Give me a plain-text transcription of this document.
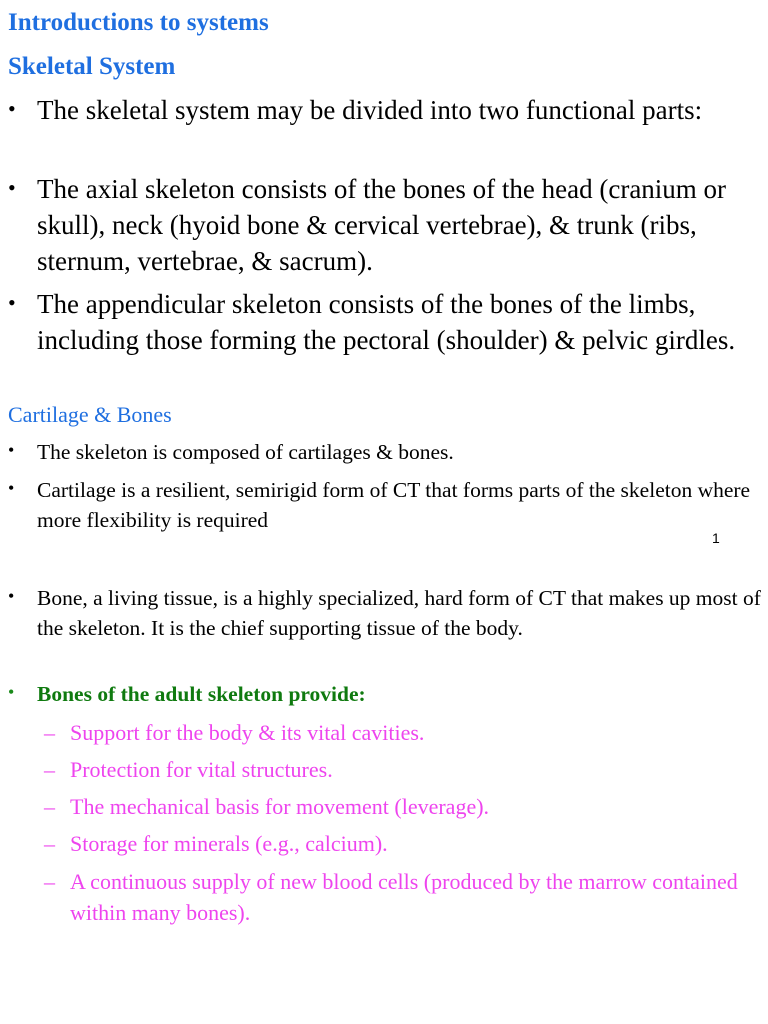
Introductions to systems
Skeletal System
• The skeletal system may be divided into two functional parts:
• The axial skeleton consists of the bones of the head (cranium or skull), neck (hyoid bone & cervical vertebrae), & trunk (ribs, sternum, vertebrae, & sacrum).
• The appendicular skeleton consists of the bones of the limbs, including those forming the pectoral (shoulder) & pelvic girdles.
Cartilage & Bones
• The skeleton is composed of cartilages & bones.
• Cartilage is a resilient, semirigid form of CT that forms parts of the skeleton where more flexibility is required
1
• Bone, a living tissue, is a highly specialized, hard form of CT that makes up most of the skeleton. It is the chief supporting tissue of the body.
• Bones of the adult skeleton provide:
– Support for the body & its vital cavities.
– Protection for vital structures.
– The mechanical basis for movement (leverage).
– Storage for minerals (e.g., calcium).
– A continuous supply of new blood cells (produced by the marrow contained within many bones).
